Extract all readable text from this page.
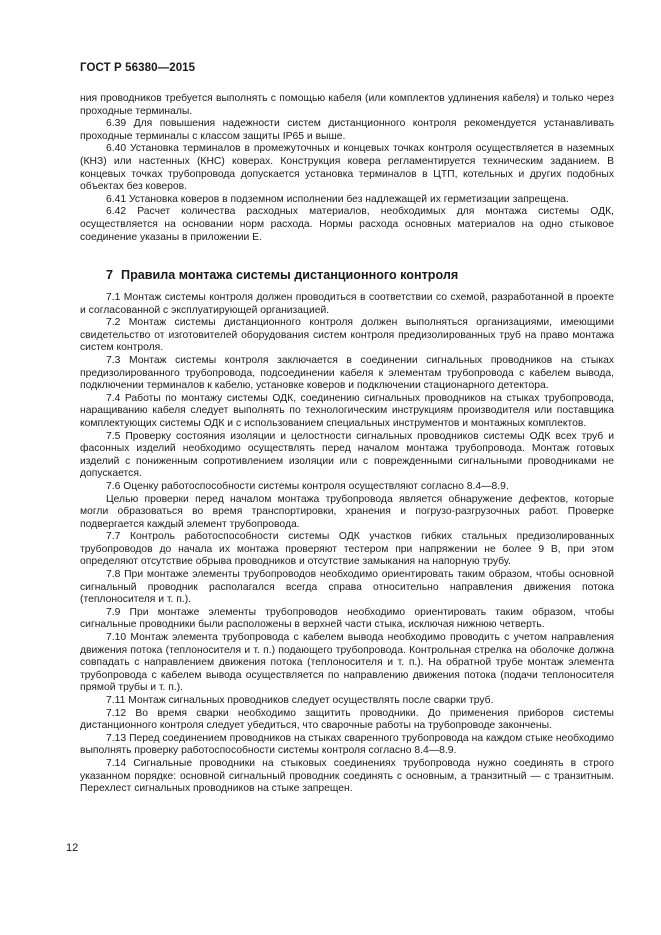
ГОСТ Р 56380—2015

ния проводников требуется выполнять с помощью кабеля (или комплектов удлинения кабеля) и только через проходные терминалы.

6.39 Для повышения надежности систем дистанционного контроля рекомендуется устанавливать проходные терминалы с классом защиты IP65 и выше.

6.40 Установка терминалов в промежуточных и концевых точках контроля осуществляется в наземных (КНЗ) или настенных (КНС) коверах. Конструкция ковера регламентируется техническим заданием. В концевых точках трубопровода допускается установка терминалов в ЦТП, котельных и других подобных объектах без коверов.

6.41 Установка коверов в подземном исполнении без надлежащей их герметизации запрещена.

6.42 Расчет количества расходных материалов, необходимых для монтажа системы ОДК, осуществляется на основании норм расхода. Нормы расхода основных материалов на одно стыковое соединение указаны в приложении Е.

7 Правила монтажа системы дистанционного контроля

7.1 Монтаж системы контроля должен проводиться в соответствии со схемой, разработанной в проекте и согласованной с эксплуатирующей организацией.

7.2 Монтаж системы дистанционного контроля должен выполняться организациями, имеющими свидетельство от изготовителей оборудования систем контроля предизолированных труб на право монтажа систем контроля.

7.3 Монтаж системы контроля заключается в соединении сигнальных проводников на стыках предизолированного трубопровода, подсоединении кабеля к элементам трубопровода с кабелем вывода, подключении терминалов к кабелю, установке коверов и подключении стационарного детектора.

7.4 Работы по монтажу системы ОДК, соединению сигнальных проводников на стыках трубопровода, наращиванию кабеля следует выполнять по технологическим инструкциям производителя или поставщика комплектующих системы ОДК и с использованием специальных инструментов и монтажных комплектов.

7.5 Проверку состояния изоляции и целостности сигнальных проводников системы ОДК всех труб и фасонных изделий необходимо осуществлять перед началом монтажа трубопровода. Монтаж готовых изделий с пониженным сопротивлением изоляции или с поврежденными сигнальными проводниками не допускается.

7.6 Оценку работоспособности системы контроля осуществляют согласно 8.4—8.9.

Целью проверки перед началом монтажа трубопровода является обнаружение дефектов, которые могли образоваться во время транспортировки, хранения и погрузо-разгрузочных работ. Проверке подвергается каждый элемент трубопровода.

7.7 Контроль работоспособности системы ОДК участков гибких стальных предизолированных трубопроводов до начала их монтажа проверяют тестером при напряжении не более 9 В, при этом определяют отсутствие обрыва проводников и отсутствие замыкания на напорную трубу.

7.8 При монтаже элементы трубопроводов необходимо ориентировать таким образом, чтобы основной сигнальный проводник располагался всегда справа относительно направления движения потока (теплоносителя и т. п.).

7.9 При монтаже элементы трубопроводов необходимо ориентировать таким образом, чтобы сигнальные проводники были расположены в верхней части стыка, исключая нижнюю четверть.

7.10 Монтаж элемента трубопровода с кабелем вывода необходимо проводить с учетом направления движения потока (теплоносителя и т. п.) подающего трубопровода. Контрольная стрелка на оболочке должна совпадать с направлением движения потока (теплоносителя и т. п.). На обратной трубе монтаж элемента трубопровода с кабелем вывода осуществляется по направлению движения потока (подачи теплоносителя прямой трубы и т. п.).

7.11 Монтаж сигнальных проводников следует осуществлять после сварки труб.

7.12 Во время сварки необходимо защитить проводники. До применения приборов системы дистанционного контроля следует убедиться, что сварочные работы на трубопроводе закончены.

7.13 Перед соединением проводников на стыках сваренного трубопровода на каждом стыке необходимо выполнять проверку работоспособности системы контроля согласно 8.4—8.9.

7.14 Сигнальные проводники на стыковых соединениях трубопровода нужно соединять в строго указанном порядке: основной сигнальный проводник соединять с основным, а транзитный — с транзитным. Перехлест сигнальных проводников на стыке запрещен.

12
